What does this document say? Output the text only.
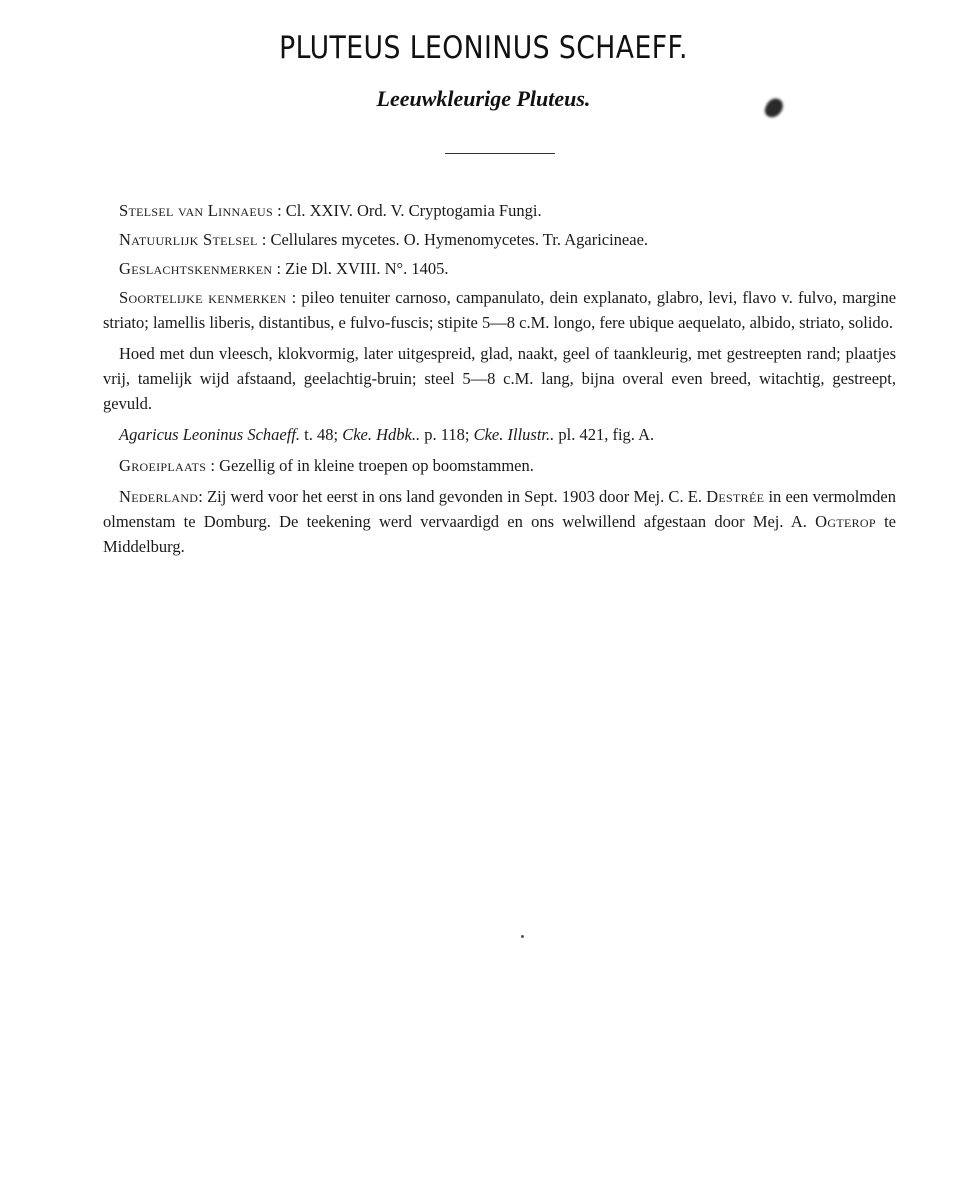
PLUTEUS LEONINUS SCHAEFF.
Leeuwkleurige Pluteus.

Stelsel van Linnaeus : Cl. XXIV. Ord. V. Cryptogamia Fungi.

Natuurlijk Stelsel : Cellulares mycetes. O. Hymenomycetes. Tr. Agaricineae.

Geslachtskenmerken : Zie Dl. XVIII. N°. 1405.

Soortelijke kenmerken : pileo tenuiter carnoso, campanulato, dein explanato, glabro, levi, flavo v. fulvo, margine striato; lamellis liberis, distantibus, e fulvo-fuscis; stipite 5—8 c.M. longo, fere ubique aequelato, albido, striato, solido.

Hoed met dun vleesch, klokvormig, later uitgespreid, glad, naakt, geel of taankleurig, met gestreepten rand; plaatjes vrij, tamelijk wijd afstaand, geelachtig-bruin; steel 5—8 c.M. lang, bijna overal even breed, witachtig, gestreept, gevuld.

Agaricus Leoninus Schaeff. t. 48; Cke. Hdbk.. p. 118; Cke. Illustr.. pl. 421, fig. A.

Groeiplaats : Gezellig of in kleine troepen op boomstammen.

Nederland: Zij werd voor het eerst in ons land gevonden in Sept. 1903 door Mej. C. E. Destrée in een vermolmden olmenstam te Domburg. De teekening werd vervaardigd en ons welwillend afgestaan door Mej. A. Ogterop te Middelburg.
